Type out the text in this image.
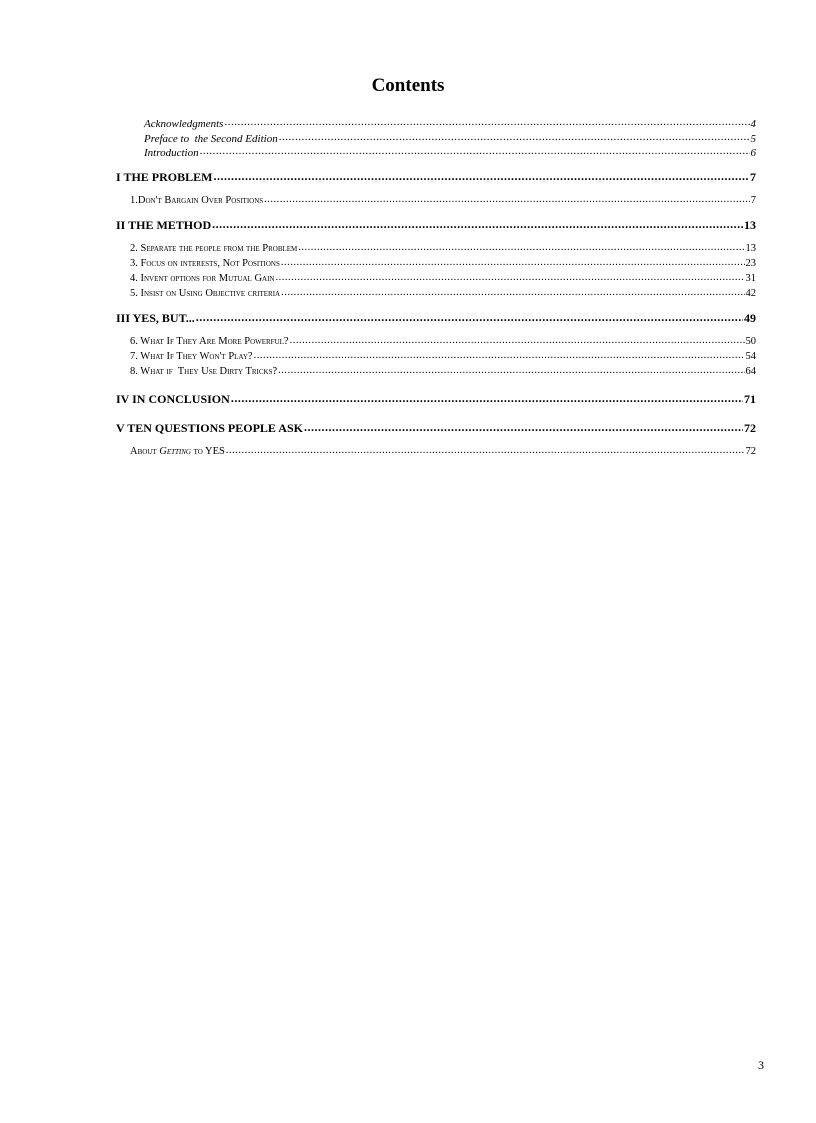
Contents
Acknowledgments .....	4
Preface to  the Second Edition .....	5
Introduction .....	6
I THE PROBLEM .....	7
1.Don't Bargain Over Positions .....	7
II THE METHOD .....	13
2. Separate the people from the Problem .....	13
3. Focus on interests, Not Positions .....	23
4. Invent options for Mutual Gain .....	31
5. Insist on Using Objective criteria .....	42
III YES, BUT... .....	49
6. What If They Are More Powerful? .....	50
7. What If They Won't Play? .....	54
8. What if  They Use Dirty Tricks? .....	64
IV IN CONCLUSION .....	71
V TEN QUESTIONS PEOPLE ASK .....	72
About Getting to YES .....	72
3
